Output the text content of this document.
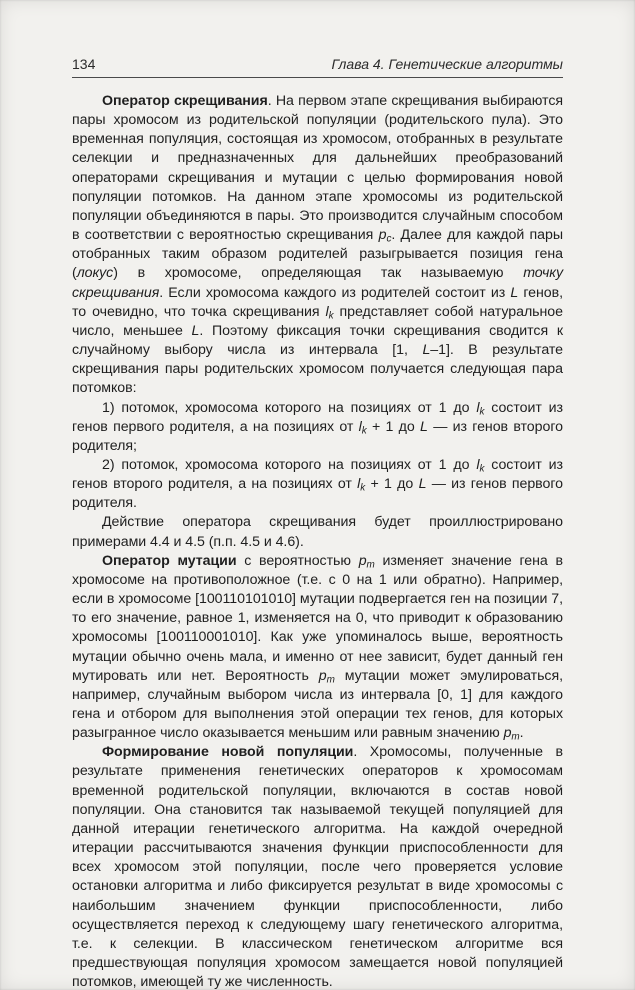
134	Глава 4. Генетические алгоритмы

Оператор скрещивания. На первом этапе скрещивания выбираются пары хромосом из родительской популяции (родительского пула). Это временная популяция, состоящая из хромосом, отобранных в результате селекции и предназначенных для дальнейших преобразований операторами скрещивания и мутации с целью формирования новой популяции потомков. На данном этапе хромосомы из родительской популяции объединяются в пары. Это производится случайным способом в соответствии с вероятностью скрещивания $p_c$. Далее для каждой пары отобранных таким образом родителей разыгрывается позиция гена (локус) в хромосоме, определяющая так называемую точку скрещивания. Если хромосома каждого из родителей состоит из L генов, то очевидно, что точка скрещивания $l_k$ представляет собой натуральное число, меньшее L. Поэтому фиксация точки скрещивания сводится к случайному выбору числа из интервала [1, L–1]. В результате скрещивания пары родительских хромосом получается следующая пара потомков:

1) потомок, хромосома которого на позициях от 1 до $l_k$ состоит из генов первого родителя, а на позициях от $l_k + 1$ до L — из генов второго родителя;

2) потомок, хромосома которого на позициях от 1 до $l_k$ состоит из генов второго родителя, а на позициях от $l_k + 1$ до L — из генов первого родителя.

Действие оператора скрещивания будет проиллюстрировано примерами 4.4 и 4.5 (п.п. 4.5 и 4.6).

Оператор мутации с вероятностью $p_m$ изменяет значение гена в хромосоме на противоположное (т.е. с 0 на 1 или обратно). Например, если в хромосоме [100110101010] мутации подвергается ген на позиции 7, то его значение, равное 1, изменяется на 0, что приводит к образованию хромосомы [100110001010]. Как уже упоминалось выше, вероятность мутации обычно очень мала, и именно от нее зависит, будет данный ген мутировать или нет. Вероятность $p_m$ мутации может эмулироваться, например, случайным выбором числа из интервала [0, 1] для каждого гена и отбором для выполнения этой операции тех генов, для которых разыгранное число оказывается меньшим или равным значению $p_m$.

Формирование новой популяции. Хромосомы, полученные в результате применения генетических операторов к хромосомам временной родительской популяции, включаются в состав новой популяции. Она становится так называемой текущей популяцией для данной итерации генетического алгоритма. На каждой очередной итерации рассчитываются значения функции приспособленности для всех хромосом этой популяции, после чего проверяется условие остановки алгоритма и либо фиксируется результат в виде хромосомы с наибольшим значением функции приспособленности, либо осуществляется переход к следующему шагу генетического алгоритма, т.е. к селекции. В классическом генетическом алгоритме вся предшествующая популяция хромосом замещается новой популяцией потомков, имеющей ту же численность.
